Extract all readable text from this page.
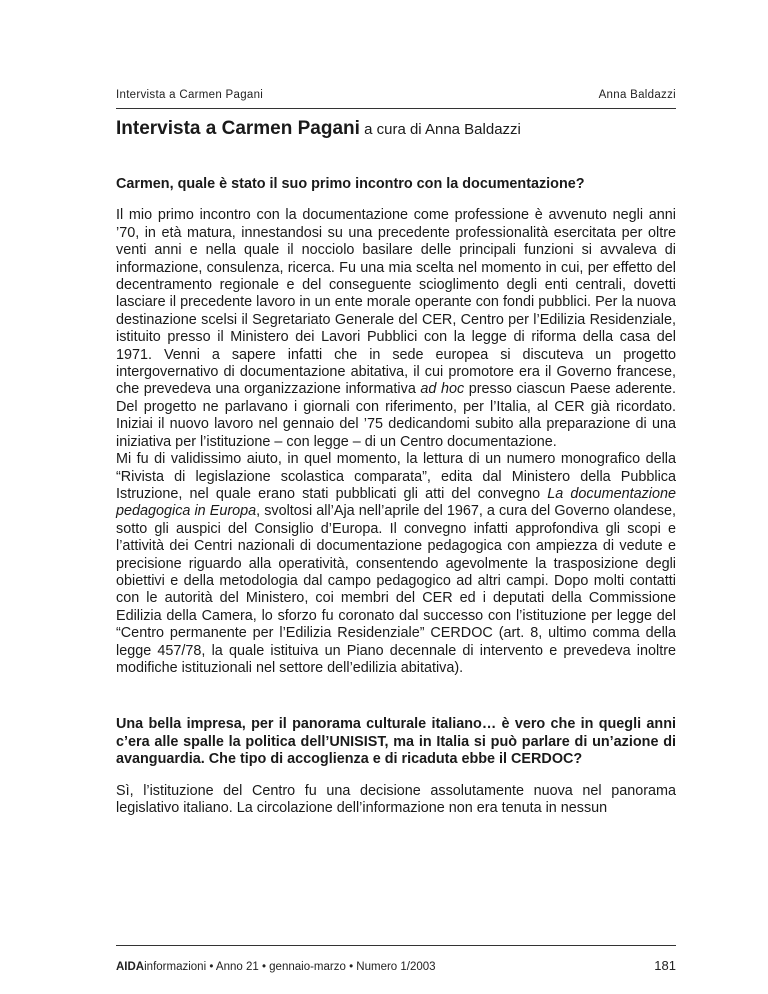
Intervista a Carmen Pagani	Anna Baldazzi
Intervista a Carmen Pagani a cura di Anna Baldazzi

Carmen, quale è stato il suo primo incontro con la documentazione?

Il mio primo incontro con la documentazione come professione è avvenuto negli anni ’70, in età matura, innestandosi su una precedente professionalità esercitata per oltre venti anni e nella quale il nocciolo basilare delle principali funzioni si avvaleva di informazione, consulenza, ricerca. Fu una mia scelta nel momento in cui, per effetto del decentramento regionale e del conseguente scioglimento degli enti centrali, dovetti lasciare il precedente lavoro in un ente morale operante con fondi pubblici. Per la nuova destinazione scelsi il Segretariato Generale del CER, Centro per l’Edilizia Residenziale, istituito presso il Ministero dei Lavori Pubblici con la legge di riforma della casa del 1971. Venni a sapere infatti che in sede europea si discuteva un progetto intergovernativo di documentazione abitativa, il cui promotore era il Governo francese, che prevedeva una organizzazione informativa ad hoc presso ciascun Paese aderente. Del progetto ne parlavano i giornali con riferimento, per l’Italia, al CER già ricordato. Iniziai il nuovo lavoro nel gennaio del ’75 dedicandomi subito alla preparazione di una iniziativa per l’istituzione – con legge – di un Centro documentazione.

Mi fu di validissimo aiuto, in quel momento, la lettura di un numero monografico della “Rivista di legislazione scolastica comparata”, edita dal Ministero della Pubblica Istruzione, nel quale erano stati pubblicati gli atti del convegno La documentazione pedagogica in Europa, svoltosi all’Aja nell’aprile del 1967, a cura del Governo olandese, sotto gli auspici del Consiglio d’Europa. Il convegno infatti approfondiva gli scopi e l’attività dei Centri nazionali di documentazione pedagogica con ampiezza di vedute e precisione riguardo alla operatività, consentendo agevolmente la trasposizione degli obiettivi e della metodologia dal campo pedagogico ad altri campi. Dopo molti contatti con le autorità del Ministero, coi membri del CER ed i deputati della Commissione Edilizia della Camera, lo sforzo fu coronato dal successo con l’istituzione per legge del “Centro permanente per l’Edilizia Residenziale” CERDOC (art. 8, ultimo comma della legge 457/78, la quale istituiva un Piano decennale di intervento e prevedeva inoltre modifiche istituzionali nel settore dell’edilizia abitativa).

Una bella impresa, per il panorama culturale italiano… è vero che in quegli anni c’era alle spalle la politica dell’UNISIST, ma in Italia si può parlare di un’azione di avanguardia. Che tipo di accoglienza e di ricaduta ebbe il CERDOC?

Sì, l’istituzione del Centro fu una decisione assolutamente nuova nel panorama legislativo italiano. La circolazione dell’informazione non era tenuta in nessun

AIDAinformazioni • Anno 21 • gennaio-marzo • Numero 1/2003	181
